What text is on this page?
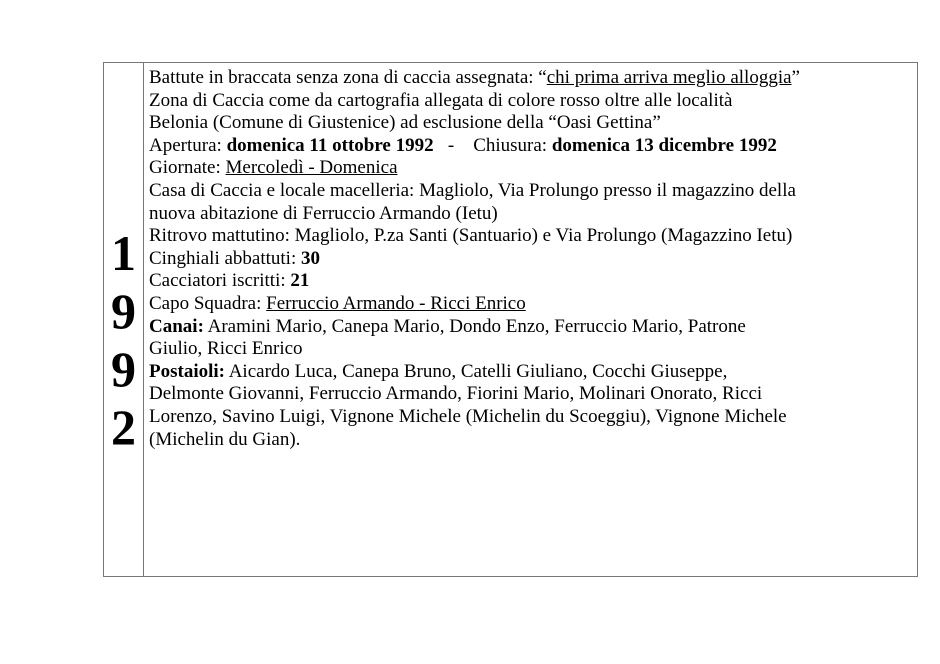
1
9
9
2
Battute in braccata senza zona di caccia assegnata: “chi prima arriva meglio alloggia”
Zona di Caccia come da cartografia allegata di colore rosso oltre alle località
Belonia (Comune di Giustenice) ad esclusione della “Oasi Gettina”
Apertura: domenica 11 ottobre 1992   -    Chiusura: domenica 13 dicembre 1992
Giornate: Mercoledì - Domenica
Casa di Caccia e locale macelleria: Magliolo, Via Prolungo presso il magazzino della
nuova abitazione di Ferruccio Armando (Ietu)
Ritrovo mattutino: Magliolo, P.za Santi (Santuario) e Via Prolungo (Magazzino Ietu)
Cinghiali abbattuti: 30
Cacciatori iscritti: 21
Capo Squadra: Ferruccio Armando - Ricci Enrico
Canai: Aramini Mario, Canepa Mario, Dondo Enzo, Ferruccio Mario, Patrone
Giulio, Ricci Enrico
Postaioli: Aicardo Luca, Canepa Bruno, Catelli Giuliano, Cocchi Giuseppe,
Delmonte Giovanni, Ferruccio Armando, Fiorini Mario, Molinari Onorato, Ricci
Lorenzo, Savino Luigi, Vignone Michele (Michelin du Scoeggiu), Vignone Michele
(Michelin du Gian).
